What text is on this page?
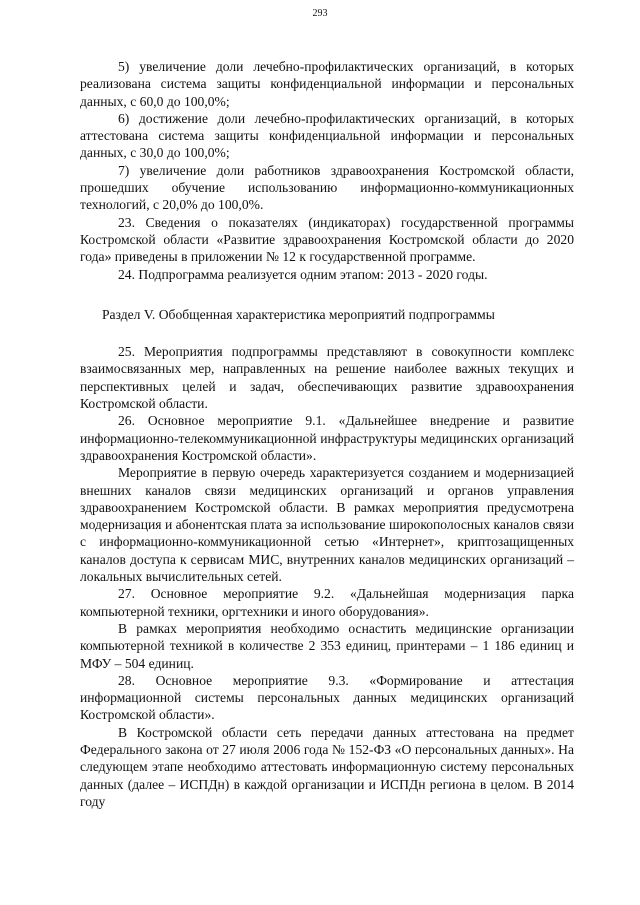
293

5) увеличение доли лечебно-профилактических организаций, в которых реализована система защиты конфиденциальной информации и персональных данных, с 60,0 до 100,0%;

6) достижение доли лечебно-профилактических организаций, в которых аттестована система защиты конфиденциальной информации и персональных данных, с 30,0 до 100,0%;

7) увеличение доли работников здравоохранения Костромской области, прошедших обучение использованию информационно-коммуникационных технологий, с 20,0% до 100,0%.

23. Сведения о показателях (индикаторах) государственной программы Костромской области «Развитие здравоохранения Костромской области до 2020 года» приведены в приложении № 12 к государственной программе.

24. Подпрограмма реализуется одним этапом: 2013 - 2020 годы.

Раздел V. Обобщенная характеристика мероприятий подпрограммы

25. Мероприятия подпрограммы представляют в совокупности комплекс взаимосвязанных мер, направленных на решение наиболее важных текущих и перспективных целей и задач, обеспечивающих развитие здравоохранения Костромской области.

26. Основное мероприятие 9.1. «Дальнейшее внедрение и развитие информационно-телекоммуникационной инфраструктуры медицинских организаций здравоохранения Костромской области».

Мероприятие в первую очередь характеризуется созданием и модернизацией внешних каналов связи медицинских организаций и органов управления здравоохранением Костромской области. В рамках мероприятия предусмотрена модернизация и абонентская плата за использование широкополосных каналов связи с информационно-коммуникационной сетью «Интернет», криптозащищенных каналов доступа к сервисам МИС, внутренних каналов медицинских организаций – локальных вычислительных сетей.

27. Основное мероприятие 9.2. «Дальнейшая модернизация парка компьютерной техники, оргтехники и иного оборудования».

В рамках мероприятия необходимо оснастить медицинские организации компьютерной техникой в количестве 2 353 единиц, принтерами – 1 186 единиц и МФУ – 504 единиц.

28. Основное мероприятие 9.3. «Формирование и аттестация информационной системы персональных данных медицинских организаций Костромской области».

В Костромской области сеть передачи данных аттестована на предмет Федерального закона от 27 июля 2006 года № 152-ФЗ «О персональных данных». На следующем этапе необходимо аттестовать информационную систему персональных данных (далее – ИСПДн) в каждой организации и ИСПДн региона в целом. В 2014 году
